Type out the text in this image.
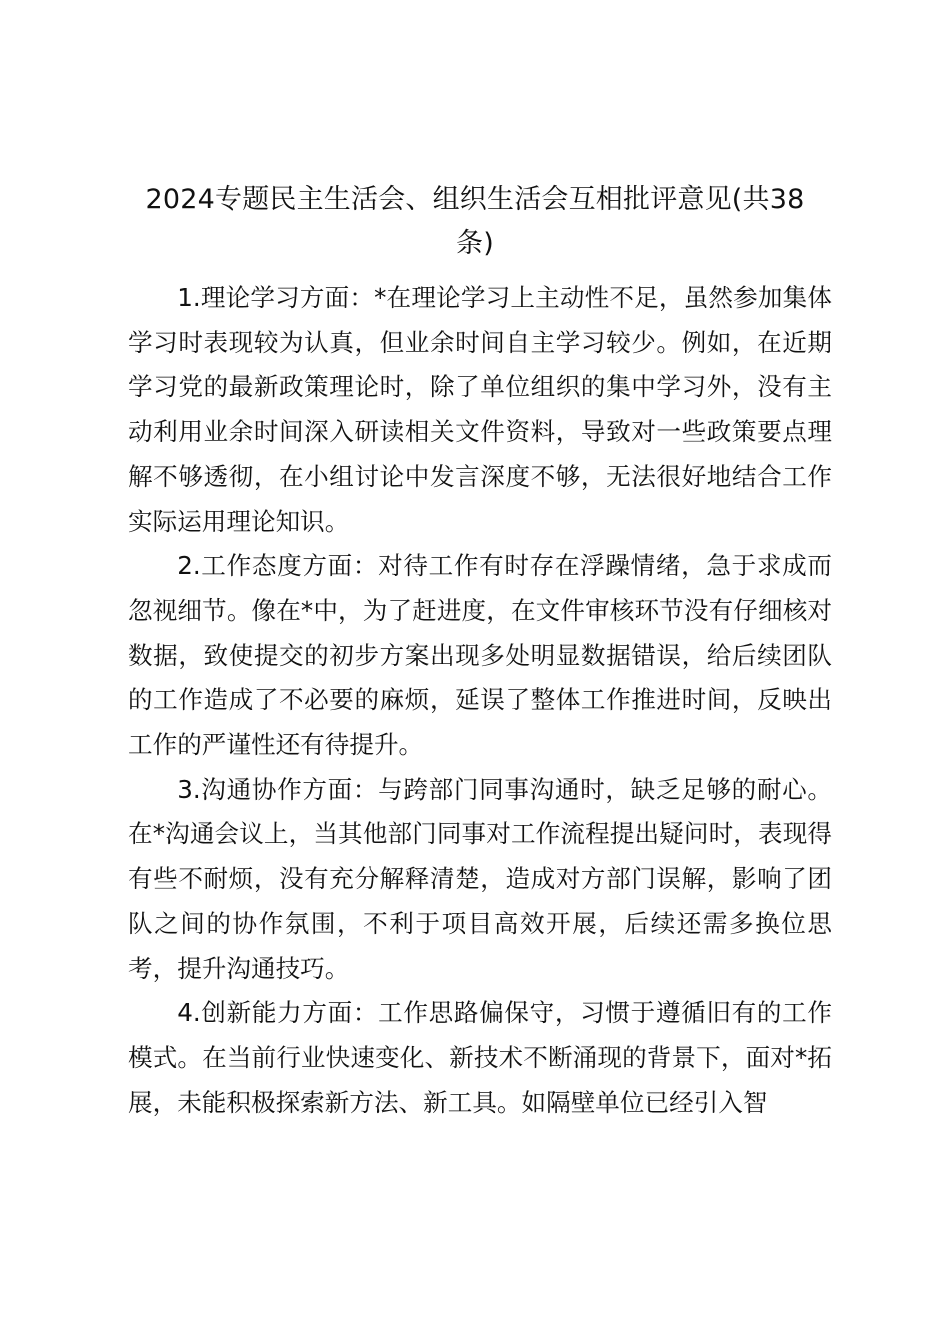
2024专题民主生活会、组织生活会互相批评意见(共38条)

1.理论学习方面：*在理论学习上主动性不足，虽然参加集体学习时表现较为认真，但业余时间自主学习较少。例如，在近期学习党的最新政策理论时，除了单位组织的集中学习外，没有主动利用业余时间深入研读相关文件资料，导致对一些政策要点理解不够透彻，在小组讨论中发言深度不够，无法很好地结合工作实际运用理论知识。

2.工作态度方面：对待工作有时存在浮躁情绪，急于求成而忽视细节。像在*中，为了赶进度，在文件审核环节没有仔细核对数据，致使提交的初步方案出现多处明显数据错误，给后续团队的工作造成了不必要的麻烦，延误了整体工作推进时间，反映出工作的严谨性还有待提升。

3.沟通协作方面：与跨部门同事沟通时，缺乏足够的耐心。在*沟通会议上，当其他部门同事对工作流程提出疑问时，表现得有些不耐烦，没有充分解释清楚，造成对方部门误解，影响了团队之间的协作氛围，不利于项目高效开展，后续还需多换位思考，提升沟通技巧。

4.创新能力方面：工作思路偏保守，习惯于遵循旧有的工作模式。在当前行业快速变化、新技术不断涌现的背景下，面对*拓展，未能积极探索新方法、新工具。如隔壁单位已经引入智
